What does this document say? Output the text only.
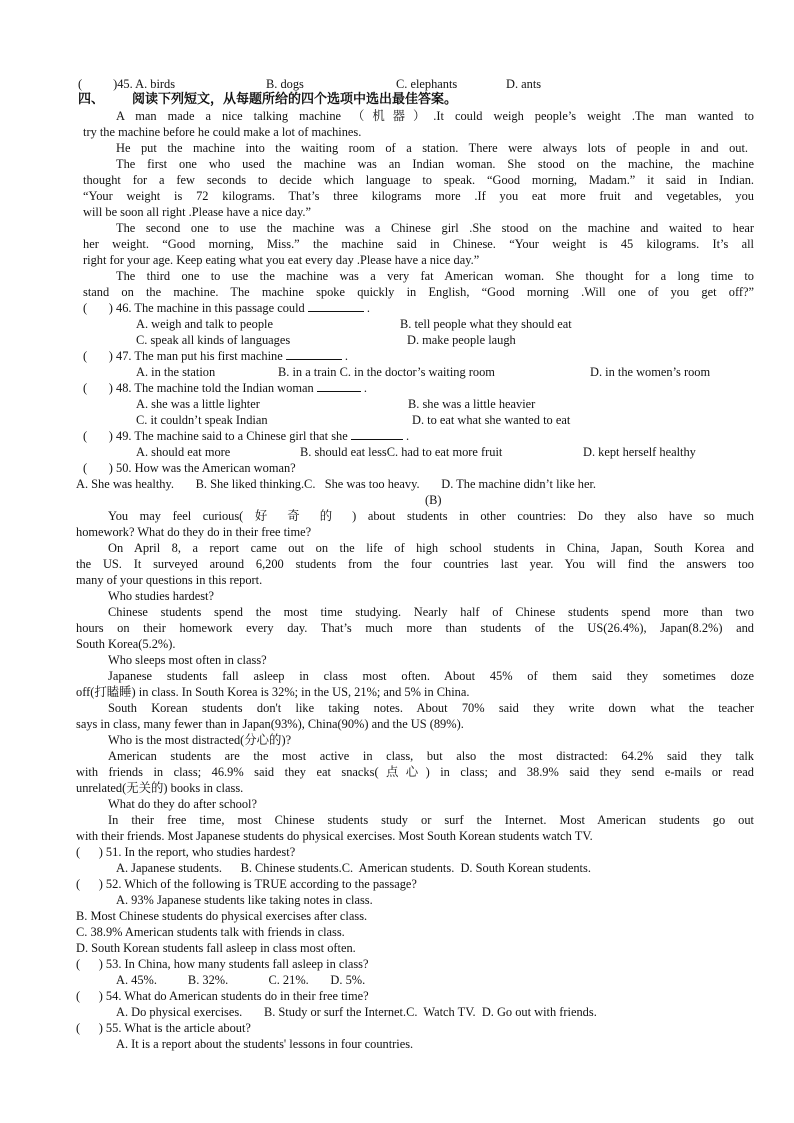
(          )45. A. birds	B. dogs	C. elephants	D. ants
四、 阅读下列短文，从每题所给的四个选项中选出最佳答案。
A man made a nice talking machine （机器）.It could weigh people’s weight .The man wanted to
try the machine before he could make a lot of machines.
He put the machine into the waiting room of a station. There were always lots of people in and out.
The first one who used the machine was an Indian woman. She stood on the machine, the machine
thought for a few seconds to decide which language to speak. “Good morning, Madam.” it said in Indian.
“Your weight is 72 kilograms. That’s three kilograms more .If you eat more fruit and vegetables, you
will be soon all right .Please have a nice day.”
The second one to use the machine was a Chinese girl .She stood on the machine and waited to hear
her weight. “Good morning, Miss.” the machine said in Chinese. “Your weight is 45 kilograms. It’s all
right for your age. Keep eating what you eat every day .Please have a nice day.”
The third one to use the machine was a very fat American woman. She thought for a long time to
stand on the machine. The machine spoke quickly in English, “Good morning .Will one of you get off?”
(       ) 46. The machine in this passage could	.
A. weigh and talk to people	B. tell people what they should eat
C. speak all kinds of languages	D. make people laugh
(       ) 47. The man put his first machine	.
A. in the station	B. in a train C. in the doctor’s waiting room	D. in the women’s room
(       ) 48. The machine told the Indian woman	.
A. she was a little lighter	B. she was a little heavier
C. it couldn’t speak Indian	D. to eat what she wanted to eat
(       ) 49. The machine said to a Chinese girl that she	.
A. should eat more	B. should eat lessC. had to eat more fruit	D. kept herself healthy
(       ) 50. How was the American woman?
A. She was healthy.       B. She liked thinking.C.   She was too heavy.       D. The machine didn’t like her.
(B)
You may feel curious( 好 奇 的 ) about students in other countries: Do they also have so much
homework? What do they do in their free time?
On April 8, a report came out on the life of high school students in China, Japan, South Korea and
the US. It surveyed around 6,200 students from the four countries last year. You will find the answers too
many of your questions in this report.
Who studies hardest?
Chinese students spend the most time studying. Nearly half of Chinese students spend more than two
hours on their homework every day. That’s much more than students of the US(26.4%), Japan(8.2%) and
South Korea(5.2%).
Who sleeps most often in class?
Japanese students fall asleep in class most often. About 45% of them said they sometimes doze
off(打瞌睡) in class. In South Korea is 32%; in the US, 21%; and 5% in China.
South Korean students don't like taking notes. About 70% said they write down what the teacher
says in class, many fewer than in Japan(93%), China(90%) and the US (89%).
Who is the most distracted(分心的)?
American students are the most active in class, but also the most distracted: 64.2% said they talk
with friends in class; 46.9% said they eat snacks(点心) in class; and 38.9% said they send e-mails or read
unrelated(无关的) books in class.
What do they do after school?
In their free time, most Chinese students study or surf the Internet. Most American students go out
with their friends. Most Japanese students do physical exercises. Most South Korean students watch TV.
(      ) 51. In the report, who studies hardest?
A. Japanese students.      B. Chinese students.C.  American students.  D. South Korean students.
(      ) 52. Which of the following is TRUE according to the passage?
A. 93% Japanese students like taking notes in class.
B. Most Chinese students do physical exercises after class.
C. 38.9% American students talk with friends in class.
D. South Korean students fall asleep in class most often.
(      ) 53. In China, how many students fall asleep in class?
A. 45%.          B. 32%.             C. 21%.       D. 5%.
(      ) 54. What do American students do in their free time?
A. Do physical exercises.       B. Study or surf the Internet.C.  Watch TV.  D. Go out with friends.
(      ) 55. What is the article about?
A. It is a report about the students' lessons in four countries.
